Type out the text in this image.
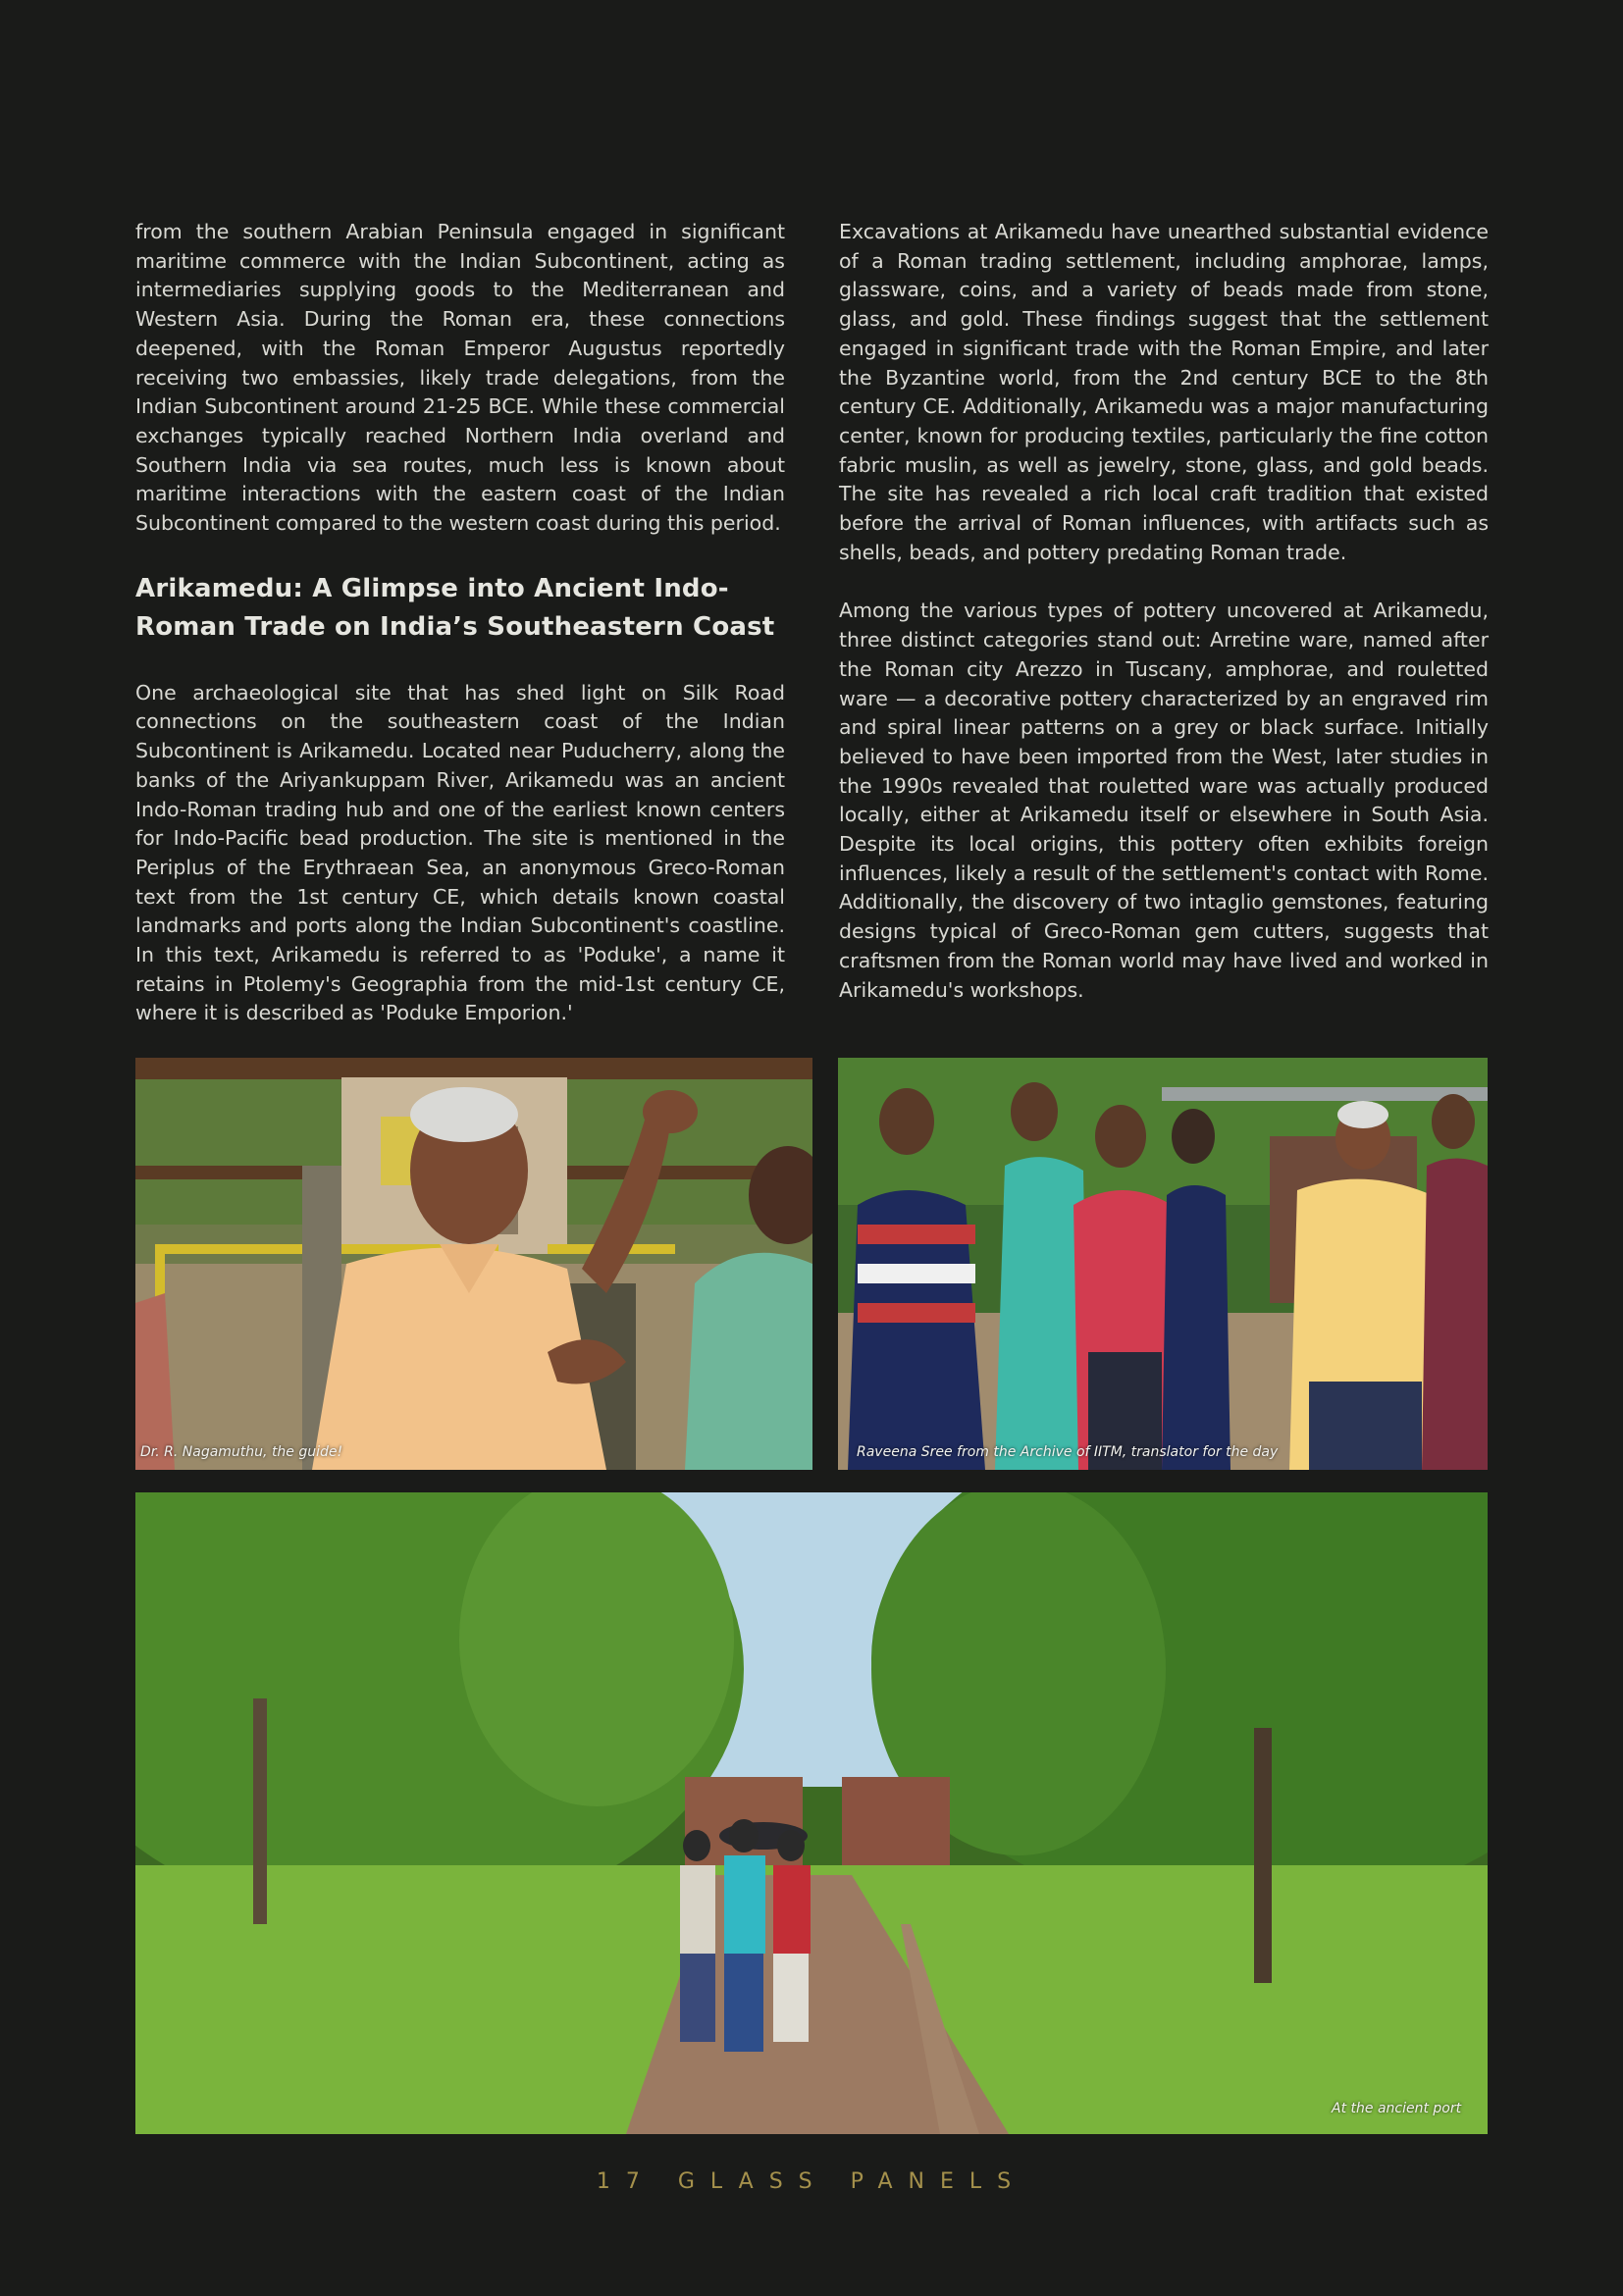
from the southern Arabian Peninsula engaged in significant maritime commerce with the Indian Subcontinent, acting as intermediaries supplying goods to the Mediterranean and Western Asia. During the Roman era, these connections deepened, with the Roman Emperor Augustus reportedly receiving two embassies, likely trade delegations, from the Indian Subcontinent around 21-25 BCE. While these commercial exchanges typically reached Northern India overland and Southern India via sea routes, much less is known about maritime interactions with the eastern coast of the Indian Subcontinent compared to the western coast during this period.

Arikamedu: A Glimpse into Ancient Indo-Roman Trade on India’s Southeastern Coast

One archaeological site that has shed light on Silk Road connections on the southeastern coast of the Indian Subcontinent is Arikamedu. Located near Puducherry, along the banks of the Ariyankuppam River, Arikamedu was an ancient Indo-Roman trading hub and one of the earliest known centers for Indo-Pacific bead production. The site is mentioned in the Periplus of the Erythraean Sea, an anonymous Greco-Roman text from the 1st century CE, which details known coastal landmarks and ports along the Indian Subcontinent's coastline. In this text, Arikamedu is referred to as 'Poduke', a name it retains in Ptolemy's Geographia from the mid-1st century CE, where it is described as 'Poduke Emporion.'

Excavations at Arikamedu have unearthed substantial evidence of a Roman trading settlement, including amphorae, lamps, glassware, coins, and a variety of beads made from stone, glass, and gold. These findings suggest that the settlement engaged in significant trade with the Roman Empire, and later the Byzantine world, from the 2nd century BCE to the 8th century CE. Additionally, Arikamedu was a major manufacturing center, known for producing textiles, particularly the fine cotton fabric muslin, as well as jewelry, stone, glass, and gold beads. The site has revealed a rich local craft tradition that existed before the arrival of Roman influences, with artifacts such as shells, beads, and pottery predating Roman trade.

Among the various types of pottery uncovered at Arikamedu, three distinct categories stand out: Arretine ware, named after the Roman city Arezzo in Tuscany, amphorae, and rouletted ware — a decorative pottery characterized by an engraved rim and spiral linear patterns on a grey or black surface. Initially believed to have been imported from the West, later studies in the 1990s revealed that rouletted ware was actually produced locally, either at Arikamedu itself or elsewhere in South Asia. Despite its local origins, this pottery often exhibits foreign influences, likely a result of the settlement's contact with Rome. Additionally, the discovery of two intaglio gemstones, featuring designs typical of Greco-Roman gem cutters, suggests that craftsmen from the Roman world may have lived and worked in Arikamedu's workshops.

Dr. R. Nagamuthu, the guide!	Raveena Sree from the Archive of IITM, translator for the day
At the ancient port
17 GLASS PANELS
